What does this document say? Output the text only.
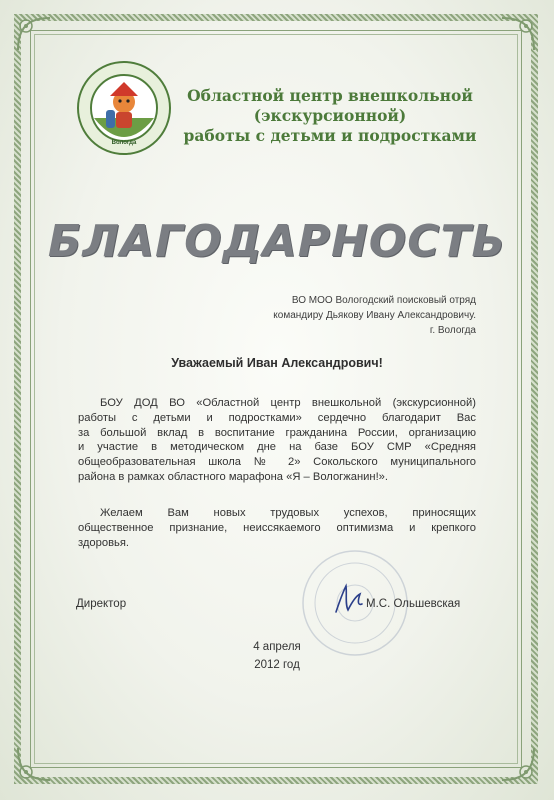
Вологда
Областной центр внешкольной
(экскурсионной)
работы с детьми и подростками
БЛАГОДАРНОСТЬ
ВО МОО Вологодский поисковый отряд
командиру Дьякову Ивану Александровичу.
г. Вологда
Уважаемый Иван Александрович!
БОУ ДОД ВО «Областной центр внешкольной (экскурсионной)
работы с детьми и подростками» сердечно благодарит Вас
за большой вклад в воспитание гражданина России, организацию
и участие в методическом дне на базе БОУ СМР «Средняя
общеобразовательная школа № 2» Сокольского муниципального
района в рамках областного марафона «Я – Вологжанин!».
Желаем Вам новых трудовых успехов, приносящих
общественное признание, неиссякаемого оптимизма и крепкого
здоровья.
Директор	М.С. Ольшевская
4 апреля
2012 год
